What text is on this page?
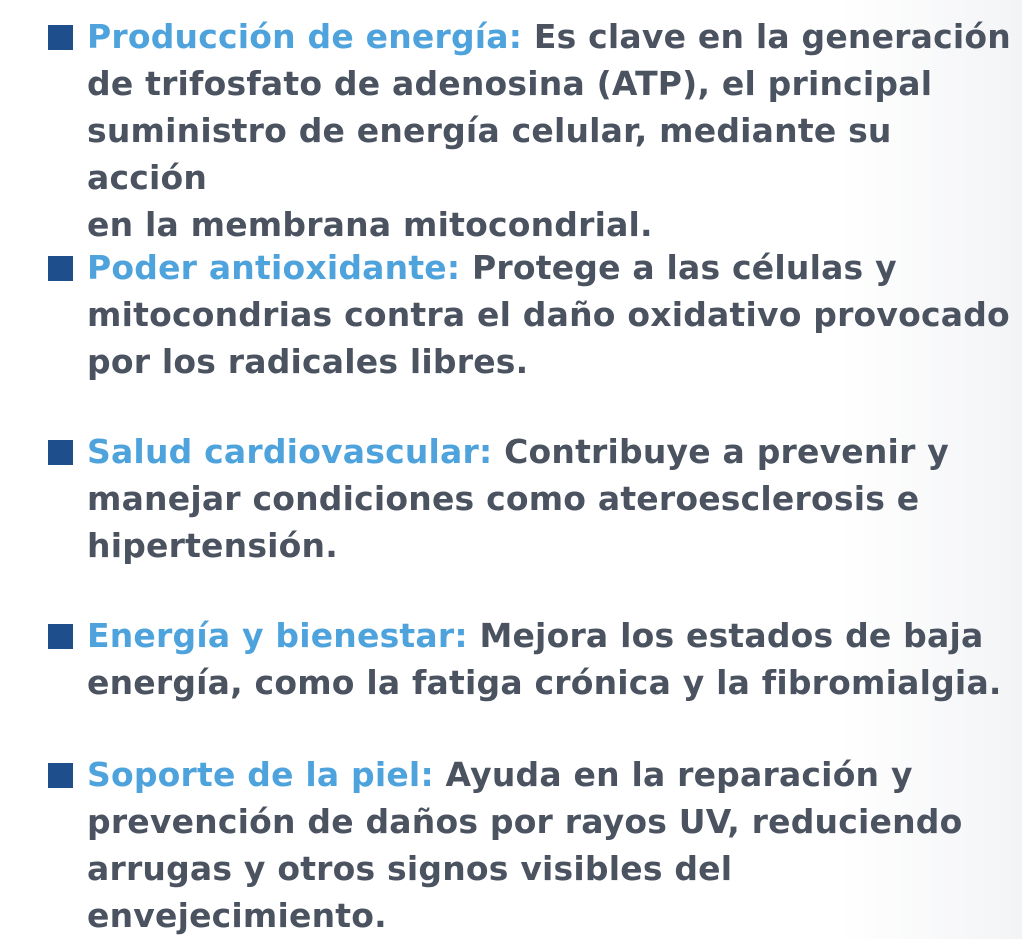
Producción de energía: Es clave en la generación
de trifosfato de adenosina (ATP), el principal
suministro de energía celular, mediante su acción
en la membrana mitocondrial.
Poder antioxidante: Protege a las células y
mitocondrias contra el daño oxidativo provocado
por los radicales libres.
Salud cardiovascular: Contribuye a prevenir y
manejar condiciones como ateroesclerosis e
hipertensión.
Energía y bienestar: Mejora los estados de baja
energía, como la fatiga crónica y la fibromialgia.
Soporte de la piel: Ayuda en la reparación y
prevención de daños por rayos UV, reduciendo
arrugas y otros signos visibles del envejecimiento.
